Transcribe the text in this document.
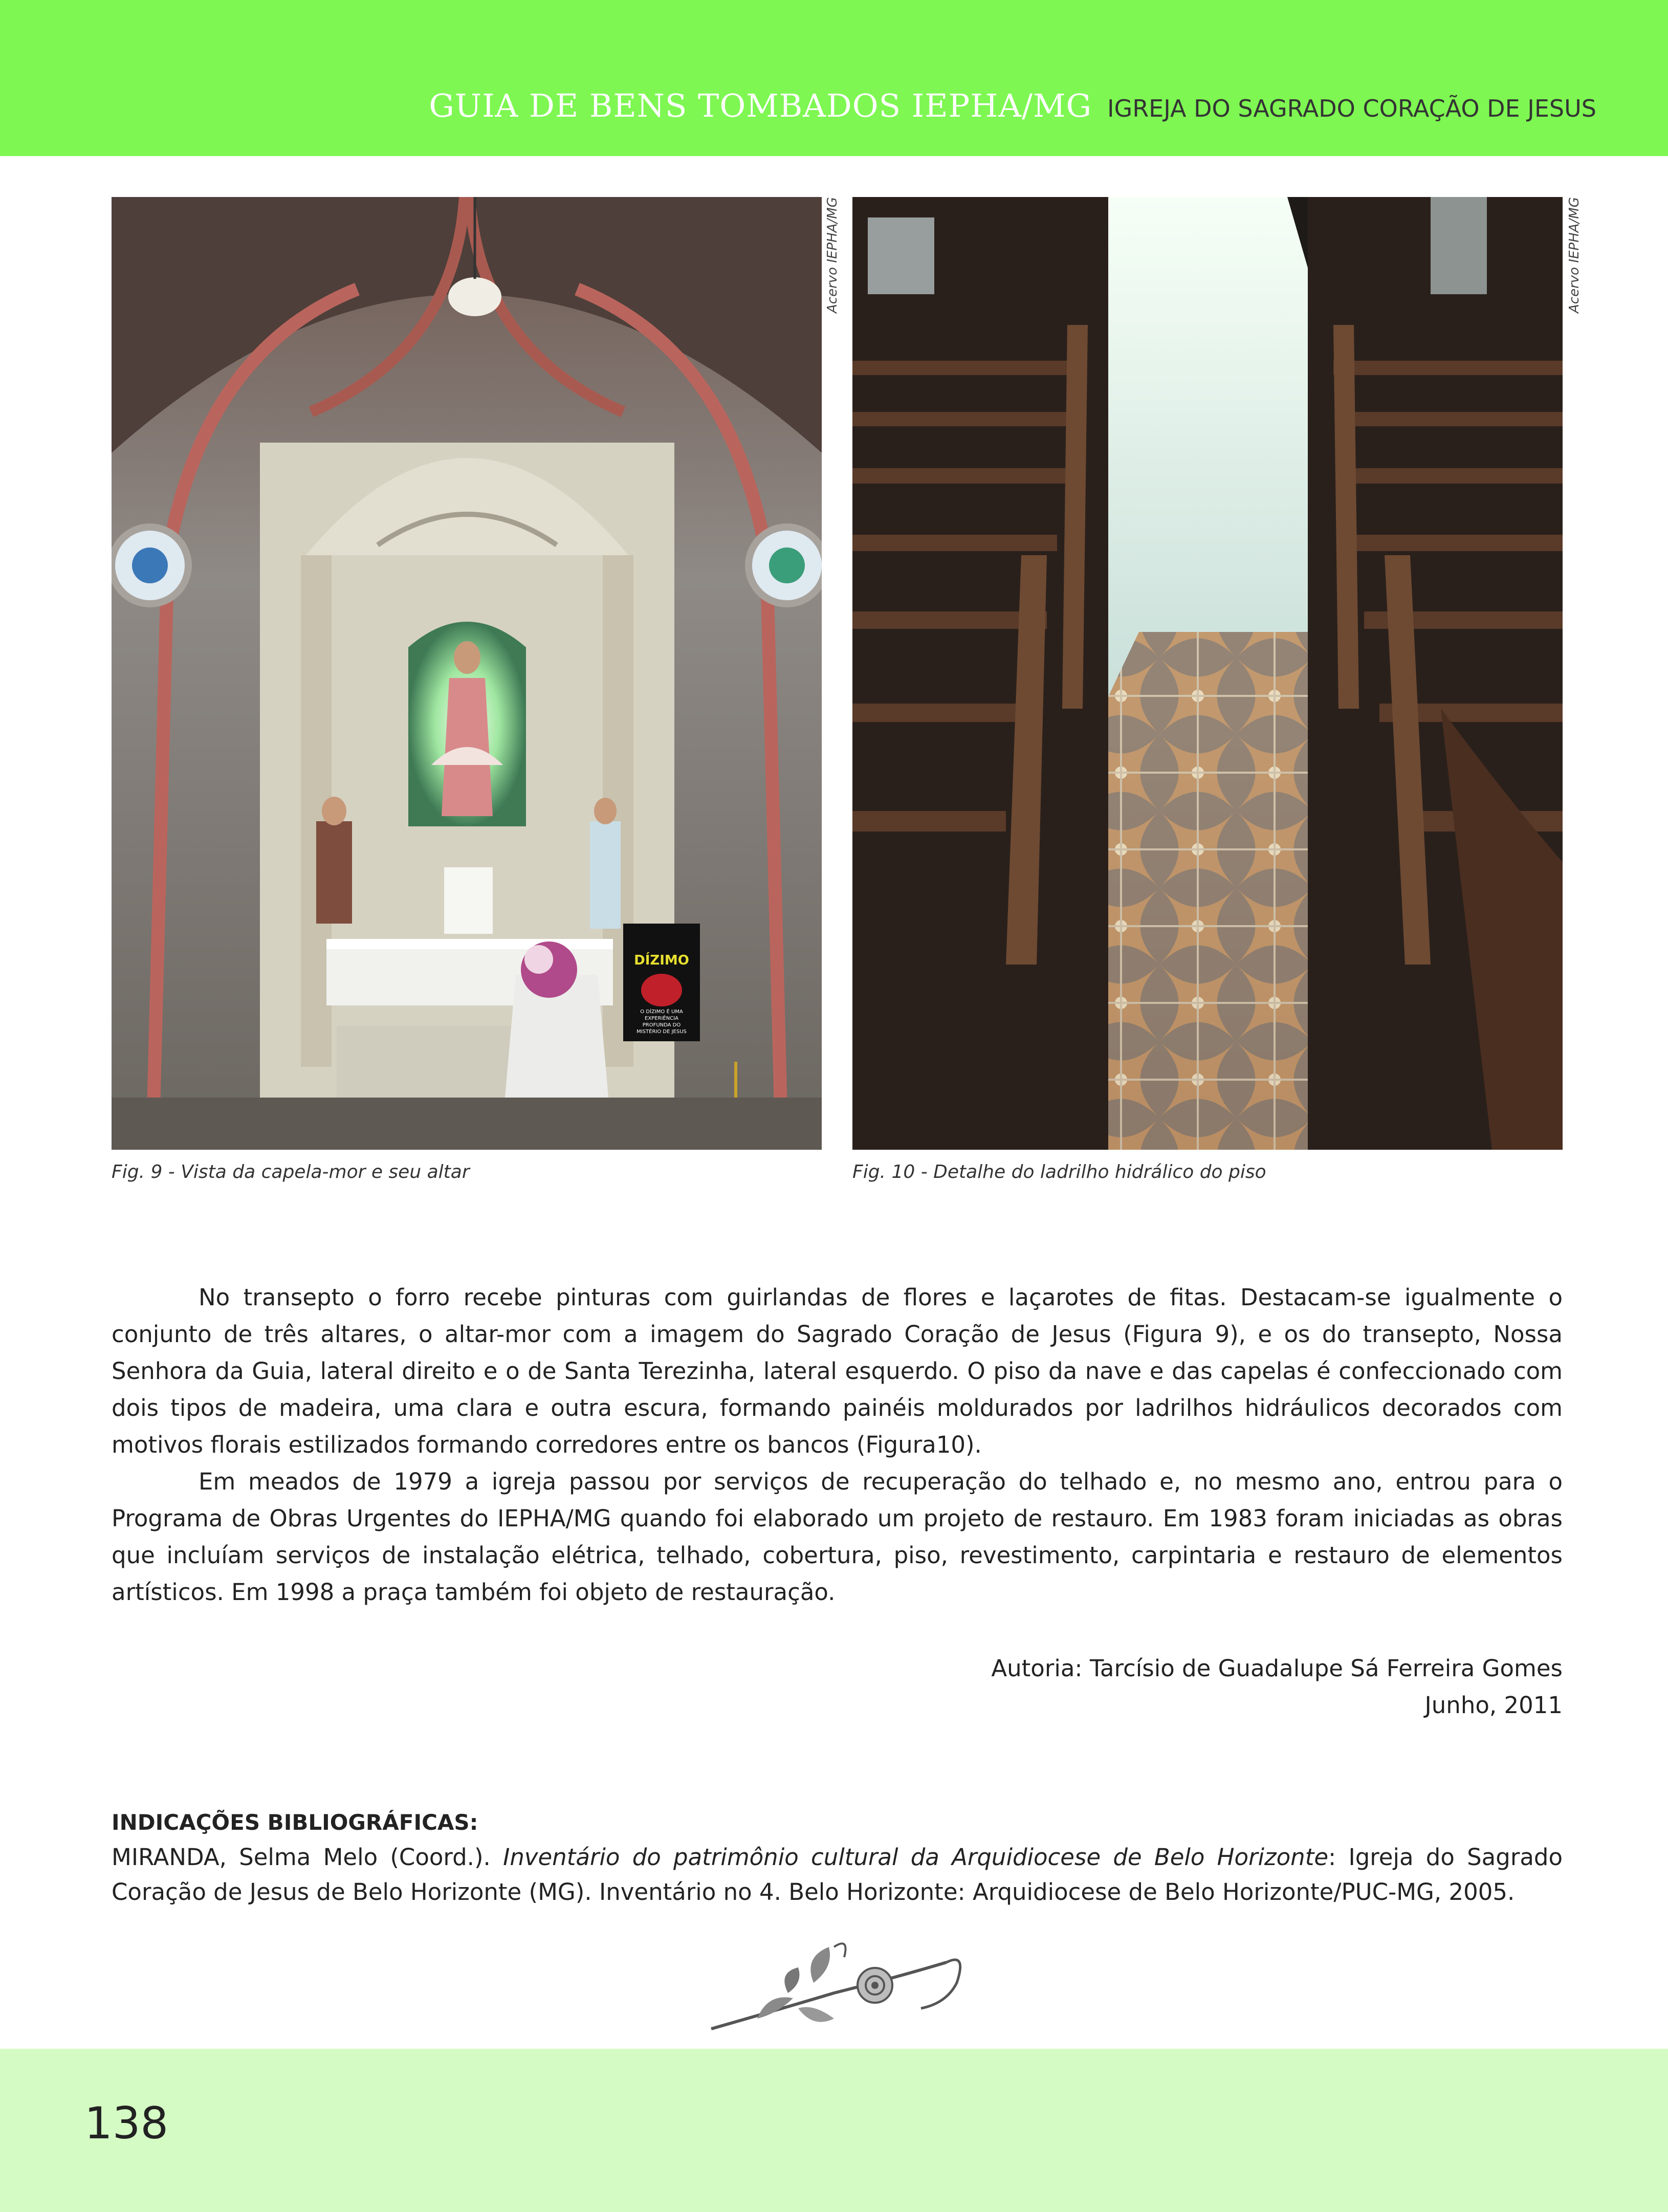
GUIA DE BENS TOMBADOS IEPHA/MG IGREJA DO SAGRADO CORAÇÃO DE JESUS
DÍZIMO
O DÍZIMO É UMA
EXPERIÊNCIA
PROFUNDA DO
MISTÉRIO DE JESUS
Acervo IEPHA/MG
Fig. 9 - Vista da capela-mor e seu altar
Acervo IEPHA/MG
Fig. 10 - Detalhe do ladrilho hidrálico do piso

No transepto o forro recebe pinturas com guirlandas de flores e laçarotes de fitas. Destacam-se igualmente o conjunto de três altares, o altar-mor com a imagem do Sagrado Coração de Jesus (Figura 9), e os do transepto, Nossa Senhora da Guia, lateral direito e o de Santa Terezinha, lateral esquerdo. O piso da nave e das capelas é confeccionado com dois tipos de madeira, uma clara e outra escura, formando painéis moldurados por ladrilhos hidráulicos decorados com motivos florais estilizados formando corredores entre os bancos (Figura10).

Em meados de 1979 a igreja passou por serviços de recuperação do telhado e, no mesmo ano, entrou para o Programa de Obras Urgentes do IEPHA/MG quando foi elaborado um projeto de restauro. Em 1983 foram iniciadas as obras que incluíam serviços de instalação elétrica, telhado, cobertura, piso, revestimento, carpintaria e restauro de elementos artísticos. Em 1998 a praça também foi objeto de restauração.

Autoria: Tarcísio de Guadalupe Sá Ferreira Gomes
Junho, 2011
INDICAÇÕES BIBLIOGRÁFICAS:
MIRANDA, Selma Melo (Coord.). Inventário do patrimônio cultural da Arquidiocese de Belo Horizonte: Igreja do Sagrado Coração de Jesus de Belo Horizonte (MG). Inventário no 4. Belo Horizonte: Arquidiocese de Belo Horizonte/PUC-MG, 2005.
138
